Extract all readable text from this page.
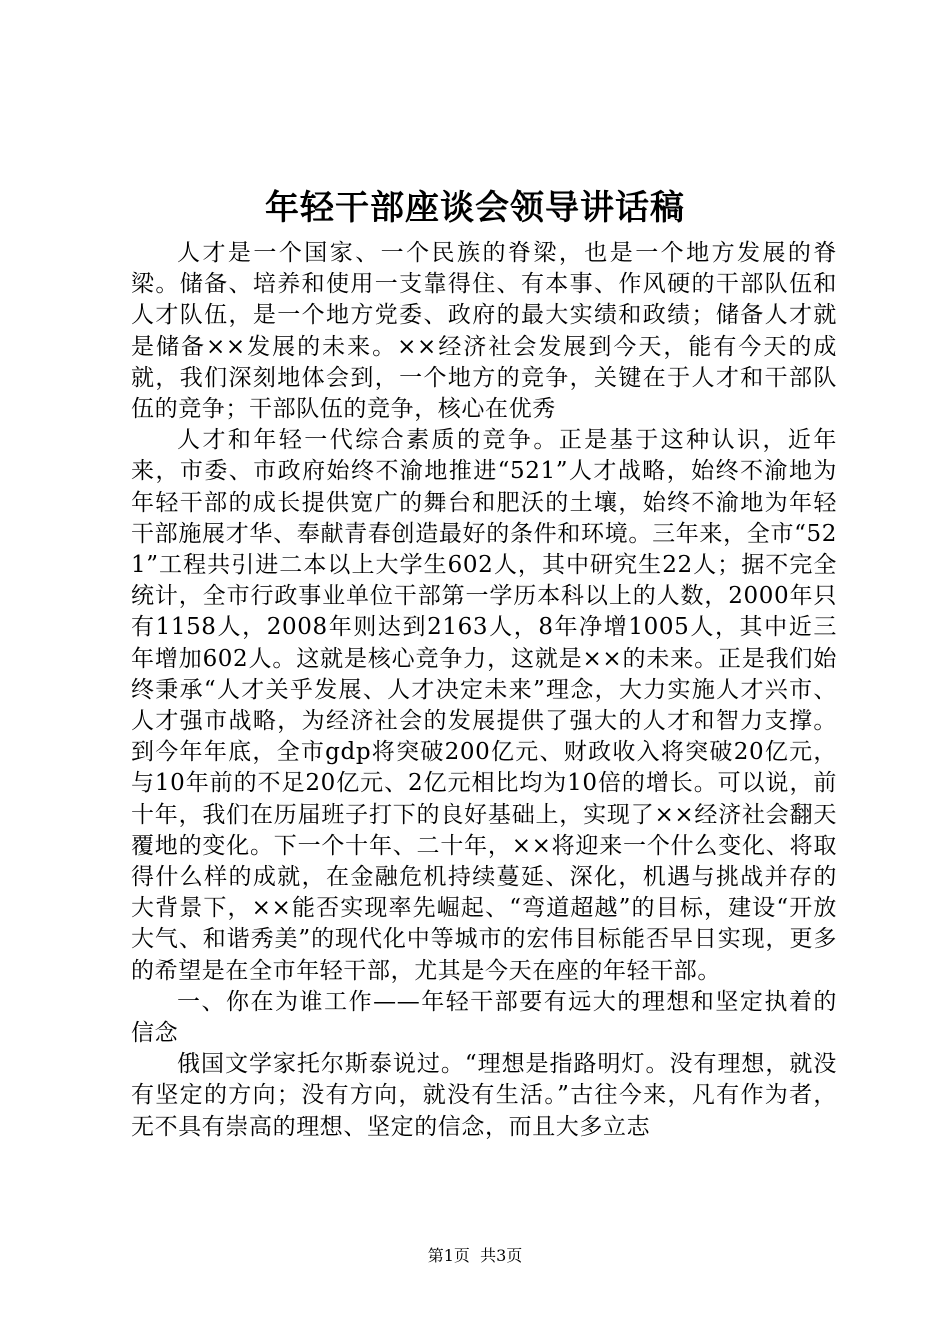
年轻干部座谈会领导讲话稿

人才是一个国家、一个民族的脊梁，也是一个地方发展的脊梁。储备、培养和使用一支靠得住、有本事、作风硬的干部队伍和人才队伍，是一个地方党委、政府的最大实绩和政绩；储备人才就是储备××发展的未来。××经济社会发展到今天，能有今天的成就，我们深刻地体会到，一个地方的竞争，关键在于人才和干部队伍的竞争；干部队伍的竞争，核心在优秀

人才和年轻一代综合素质的竞争。正是基于这种认识，近年来，市委、市政府始终不渝地推进“521”人才战略，始终不渝地为年轻干部的成长提供宽广的舞台和肥沃的土壤，始终不渝地为年轻干部施展才华、奉献青春创造最好的条件和环境。三年来，全市“521”工程共引进二本以上大学生602人，其中研究生22人；据不完全统计，全市行政事业单位干部第一学历本科以上的人数，2000年只有1158人，2008年则达到2163人，8年净增1005人，其中近三年增加602人。这就是核心竞争力，这就是××的未来。正是我们始终秉承“人才关乎发展、人才决定未来”理念，大力实施人才兴市、人才强市战略，为经济社会的发展提供了强大的人才和智力支撑。到今年年底，全市gdp将突破200亿元、财政收入将突破20亿元，与10年前的不足20亿元、2亿元相比均为10倍的增长。可以说，前十年，我们在历届班子打下的良好基础上，实现了××经济社会翻天覆地的变化。下一个十年、二十年，××将迎来一个什么变化、将取得什么样的成就，在金融危机持续蔓延、深化，机遇与挑战并存的大背景下，××能否实现率先崛起、“弯道超越”的目标，建设“开放大气、和谐秀美”的现代化中等城市的宏伟目标能否早日实现，更多的希望是在全市年轻干部，尤其是今天在座的年轻干部。

一、你在为谁工作——年轻干部要有远大的理想和坚定执着的信念

俄国文学家托尔斯泰说过。“理想是指路明灯。没有理想，就没有坚定的方向；没有方向，就没有生活。”古往今来，凡有作为者，无不具有崇高的理想、坚定的信念，而且大多立志

第1页 共3页
